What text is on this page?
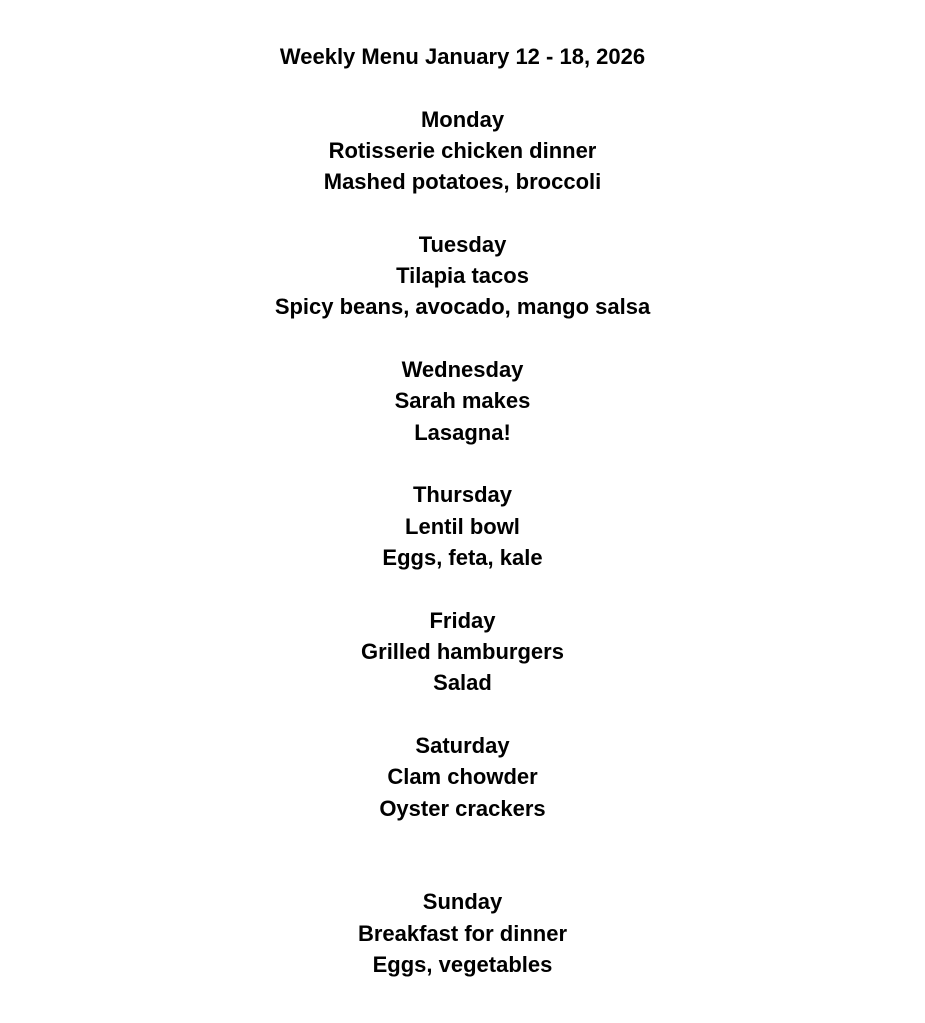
Weekly Menu January 12 - 18, 2026
Monday
Rotisserie chicken dinner
Mashed potatoes, broccoli
Tuesday
Tilapia tacos
Spicy beans, avocado, mango salsa
Wednesday
Sarah makes
Lasagna!
Thursday
Lentil bowl
Eggs, feta, kale
Friday
Grilled hamburgers
Salad
Saturday
Clam chowder
Oyster crackers
Sunday
Breakfast for dinner
Eggs, vegetables
